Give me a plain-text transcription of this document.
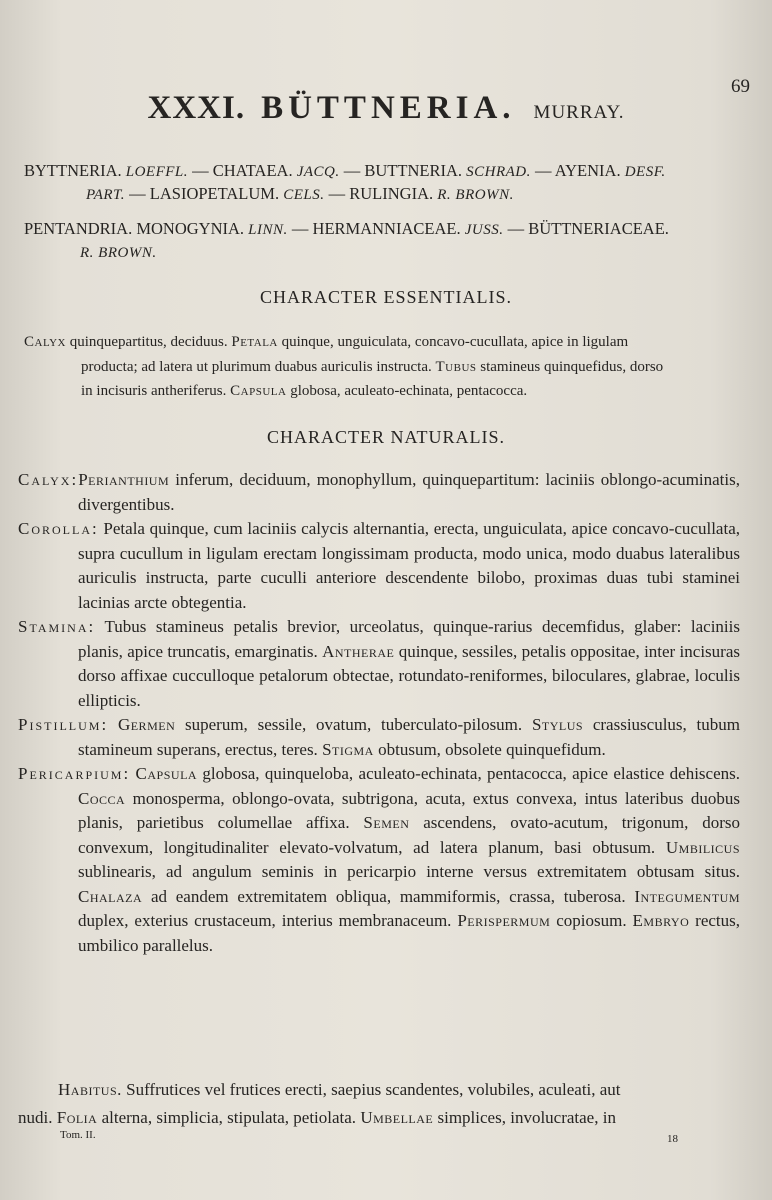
69
XXXI. BÜTTNERIA. MURRAY.
BYTTNERIA. LOEFFL. — CHATAEA. JACQ. — BUTTNERIA. SCHRAD. — AYENIA. DESF.
PART. — LASIOPETALUM. CELS. — RULINGIA. R. BROWN.
PENTANDRIA. MONOGYNIA. LINN. — HERMANNIACEAE. JUSS. — BÜTTNERIACEAE.
R. BROWN.
CHARACTER ESSENTIALIS.
Calyx quinquepartitus, deciduus. Petala quinque, unguiculata, concavo-cucullata, apice in ligulam
producta; ad latera ut plurimum duabus auriculis instructa. Tubus stamineus quinquefidus, dorso
in incisuris antheriferus. Capsula globosa, aculeato-echinata, pentacocca.
CHARACTER NATURALIS.

Calyx:Perianthium inferum, deciduum, monophyllum, quinquepartitum: laciniis oblongo-acuminatis, divergentibus.

Corolla: Petala quinque, cum laciniis calycis alternantia, erecta, unguiculata, apice concavo-cucullata, supra cucullum in ligulam erectam longissimam producta, modo unica, modo duabus lateralibus auriculis instructa, parte cuculli anteriore descendente bilobo, proximas duas tubi staminei lacinias arcte obtegentia.

Stamina: Tubus stamineus petalis brevior, urceolatus, quinque-rarius decemfidus, glaber: laciniis planis, apice truncatis, emarginatis. Antherae quinque, sessiles, petalis oppositae, inter incisuras dorso affixae cucculloque petalorum obtectae, rotundato-reniformes, biloculares, glabrae, loculis ellipticis.

Pistillum: Germen superum, sessile, ovatum, tuberculato-pilosum. Stylus crassiusculus, tubum stamineum superans, erectus, teres. Stigma obtusum, obsolete quinquefidum.

Pericarpium: Capsula globosa, quinqueloba, aculeato-echinata, pentacocca, apice elastice dehiscens. Cocca monosperma, oblongo-ovata, subtrigona, acuta, extus convexa, intus lateribus duobus planis, parietibus columellae affixa. Semen ascendens, ovato-acutum, trigonum, dorso convexum, longitudinaliter elevato-volvatum, ad latera planum, basi obtusum. Umbilicus sublinearis, ad angulum seminis in pericarpio interne versus extremitatem obtusam situs. Chalaza ad eandem extremitatem obliqua, mammiformis, crassa, tuberosa. Integumentum duplex, exterius crustaceum, interius membranaceum. Perispermum copiosum. Embryo rectus, umbilico parallelus.

Habitus. Suffrutices vel frutices erecti, saepius scandentes, volubiles, aculeati, aut
nudi. Folia alterna, simplicia, stipulata, petiolata. Umbellae simplices, involucratae, in
Tom. II.	18
